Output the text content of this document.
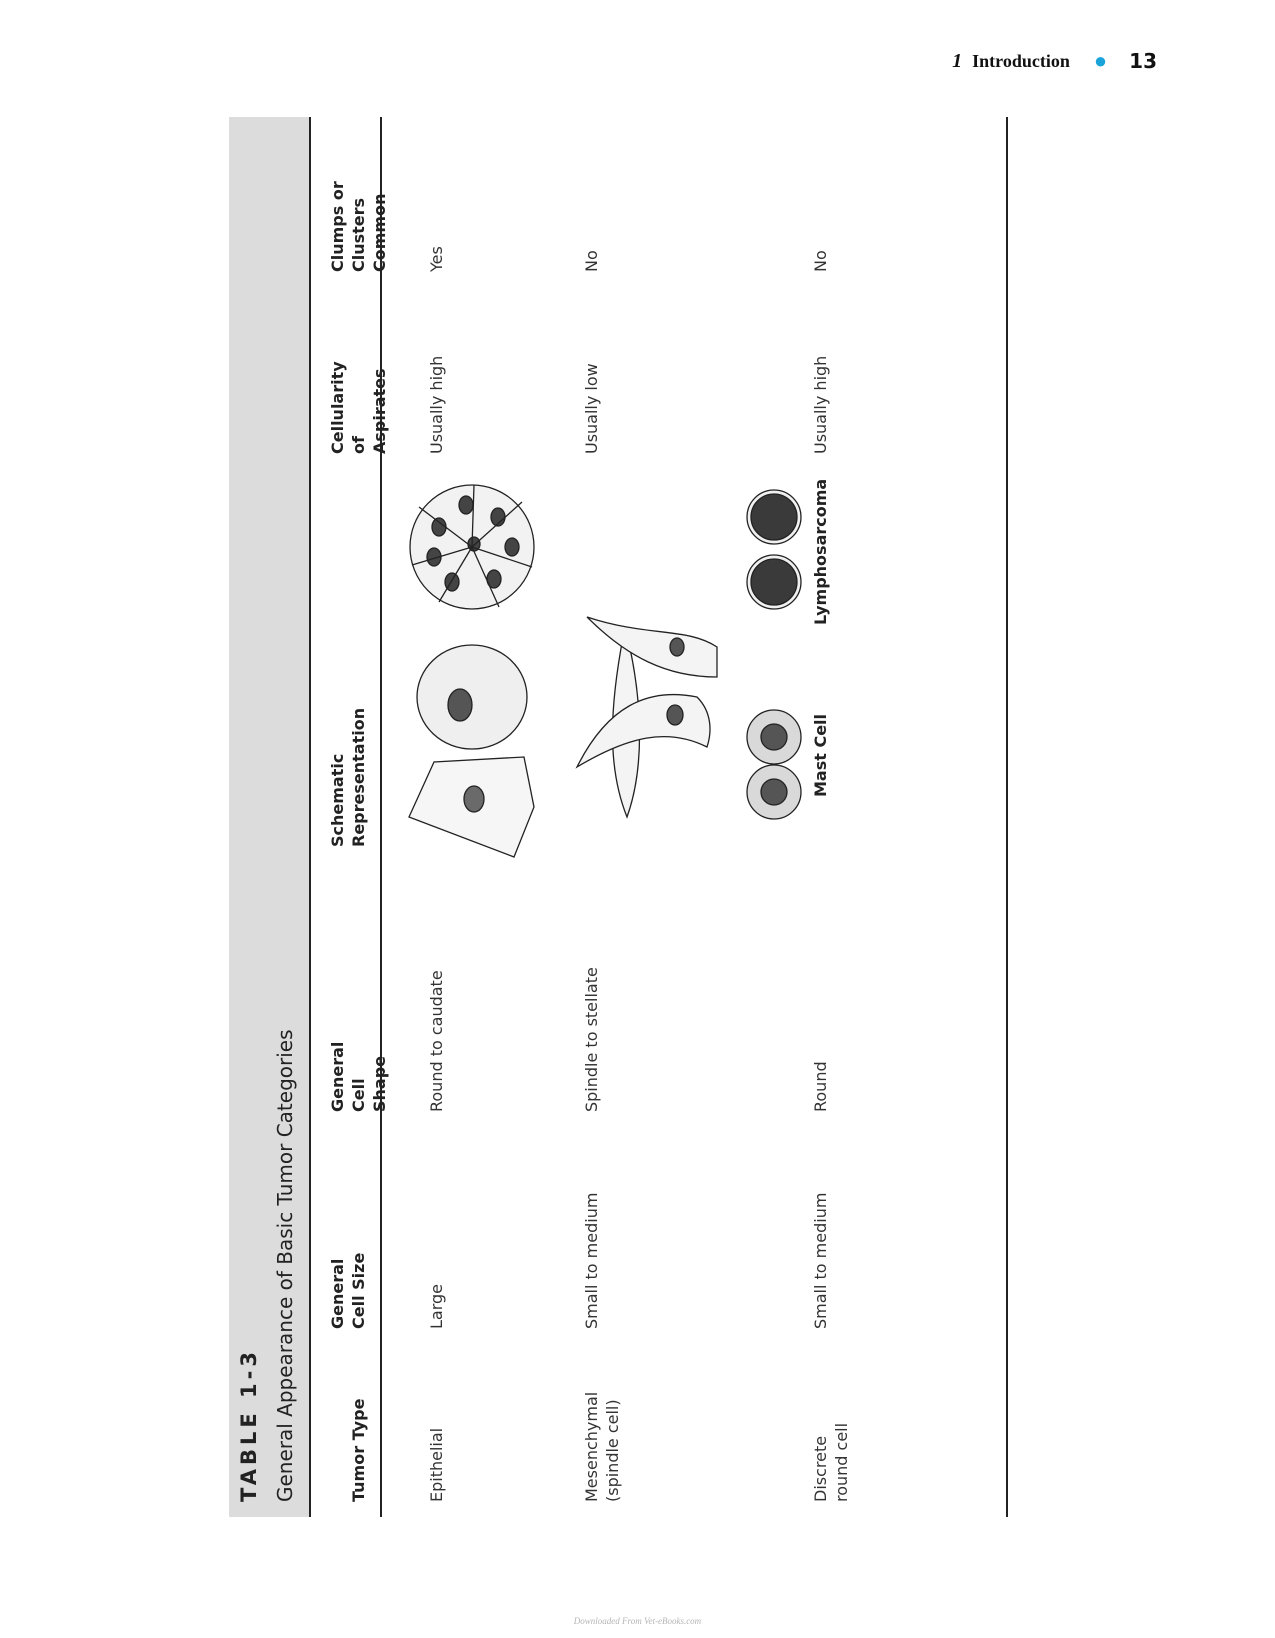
1 Introduction ● 13
TABLE 1-3 General Appearance of Basic Tumor Categories	Tumor Type
General Cell Size
General Cell Shape
Schematic Representation
Cellularity of Aspirates
Clumps or Clusters Common
Epithelial
Large
Round to caudate
Usually high
Yes
Mesenchymal (spindle cell)
Small to medium
Spindle to stellate
Usually low
No
Discrete round cell
Small to medium
Round
Usually high
No
Mast Cell
Lymphosarcoma
Downloaded From Vet-eBooks.com
